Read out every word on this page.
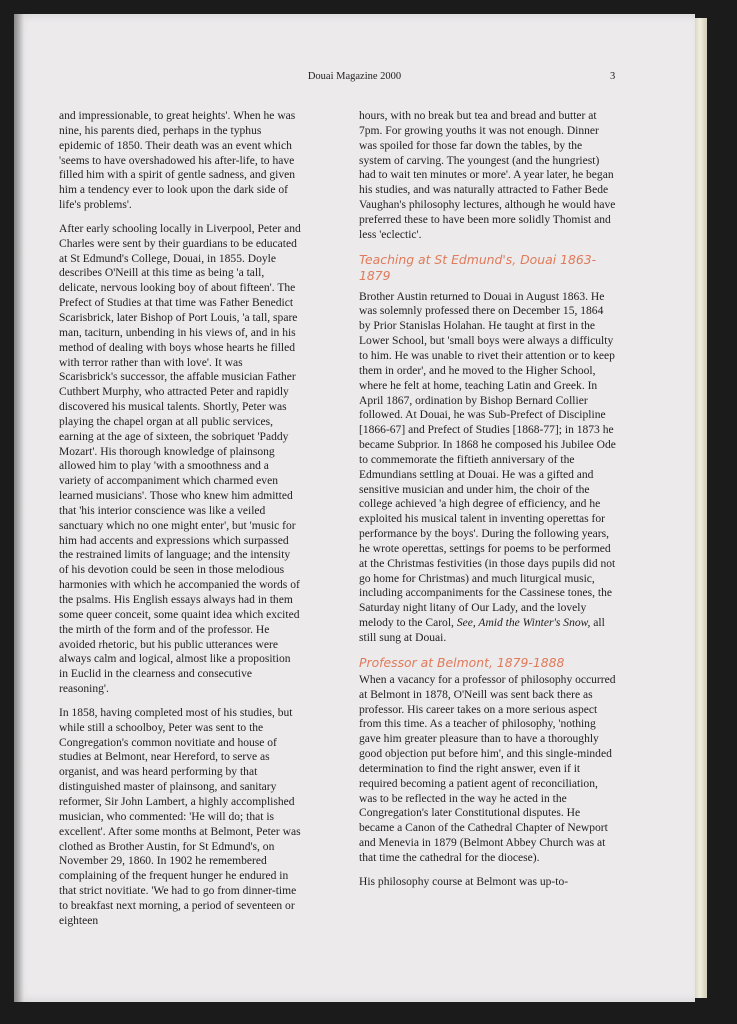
Douai Magazine 2000	3

and impressionable, to great heights'. When he was nine, his parents died, perhaps in the typhus epidemic of 1850. Their death was an event which 'seems to have overshadowed his after-life, to have filled him with a spirit of gentle sadness, and given him a tendency ever to look upon the dark side of life's problems'.

After early schooling locally in Liverpool, Peter and Charles were sent by their guardians to be educated at St Edmund's College, Douai, in 1855. Doyle describes O'Neill at this time as being 'a tall, delicate, nervous looking boy of about fifteen'. The Prefect of Studies at that time was Father Benedict Scarisbrick, later Bishop of Port Louis, 'a tall, spare man, taciturn, unbending in his views of, and in his method of dealing with boys whose hearts he filled with terror rather than with love'. It was Scarisbrick's successor, the affable musician Father Cuthbert Murphy, who attracted Peter and rapidly discovered his musical talents. Shortly, Peter was playing the chapel organ at all public services, earning at the age of sixteen, the sobriquet 'Paddy Mozart'. His thorough knowledge of plainsong allowed him to play 'with a smoothness and a variety of accompaniment which charmed even learned musicians'. Those who knew him admitted that 'his interior conscience was like a veiled sanctuary which no one might enter', but 'music for him had accents and expressions which surpassed the restrained limits of language; and the intensity of his devotion could be seen in those melodious harmonies with which he accompanied the words of the psalms. His English essays always had in them some queer conceit, some quaint idea which excited the mirth of the form and of the professor. He avoided rhetoric, but his public utterances were always calm and logical, almost like a proposition in Euclid in the clearness and consecutive reasoning'.

In 1858, having completed most of his studies, but while still a schoolboy, Peter was sent to the Congregation's common novitiate and house of studies at Belmont, near Hereford, to serve as organist, and was heard performing by that distinguished master of plainsong, and sanitary reformer, Sir John Lambert, a highly accomplished musician, who commented: 'He will do; that is excellent'. After some months at Belmont, Peter was clothed as Brother Austin, for St Edmund's, on November 29, 1860. In 1902 he remembered complaining of the frequent hunger he endured in that strict novitiate. 'We had to go from dinner-time to breakfast next morning, a period of seventeen or eighteen

hours, with no break but tea and bread and butter at 7pm. For growing youths it was not enough. Dinner was spoiled for those far down the tables, by the system of carving. The youngest (and the hungriest) had to wait ten minutes or more'. A year later, he began his studies, and was naturally attracted to Father Bede Vaughan's philosophy lectures, although he would have preferred these to have been more solidly Thomist and less 'eclectic'.

Teaching at St Edmund's, Douai 1863-1879

Brother Austin returned to Douai in August 1863. He was solemnly professed there on December 15, 1864 by Prior Stanislas Holahan. He taught at first in the Lower School, but 'small boys were always a difficulty to him. He was unable to rivet their attention or to keep them in order', and he moved to the Higher School, where he felt at home, teaching Latin and Greek. In April 1867, ordination by Bishop Bernard Collier followed. At Douai, he was Sub-Prefect of Discipline [1866-67] and Prefect of Studies [1868-77]; in 1873 he became Subprior. In 1868 he composed his Jubilee Ode to commemorate the fiftieth anniversary of the Edmundians settling at Douai. He was a gifted and sensitive musician and under him, the choir of the college achieved 'a high degree of efficiency, and he exploited his musical talent in inventing operettas for performance by the boys'. During the following years, he wrote operettas, settings for poems to be performed at the Christmas festivities (in those days pupils did not go home for Christmas) and much liturgical music, including accompaniments for the Cassinese tones, the Saturday night litany of Our Lady, and the lovely melody to the Carol, See, Amid the Winter's Snow, all still sung at Douai.

Professor at Belmont, 1879-1888

When a vacancy for a professor of philosophy occurred at Belmont in 1878, O'Neill was sent back there as professor. His career takes on a more serious aspect from this time. As a teacher of philosophy, 'nothing gave him greater pleasure than to have a thoroughly good objection put before him', and this single-minded determination to find the right answer, even if it required becoming a patient agent of reconciliation, was to be reflected in the way he acted in the Congregation's later Constitutional disputes. He became a Canon of the Cathedral Chapter of Newport and Menevia in 1879 (Belmont Abbey Church was at that time the cathedral for the diocese).

His philosophy course at Belmont was up-to-
